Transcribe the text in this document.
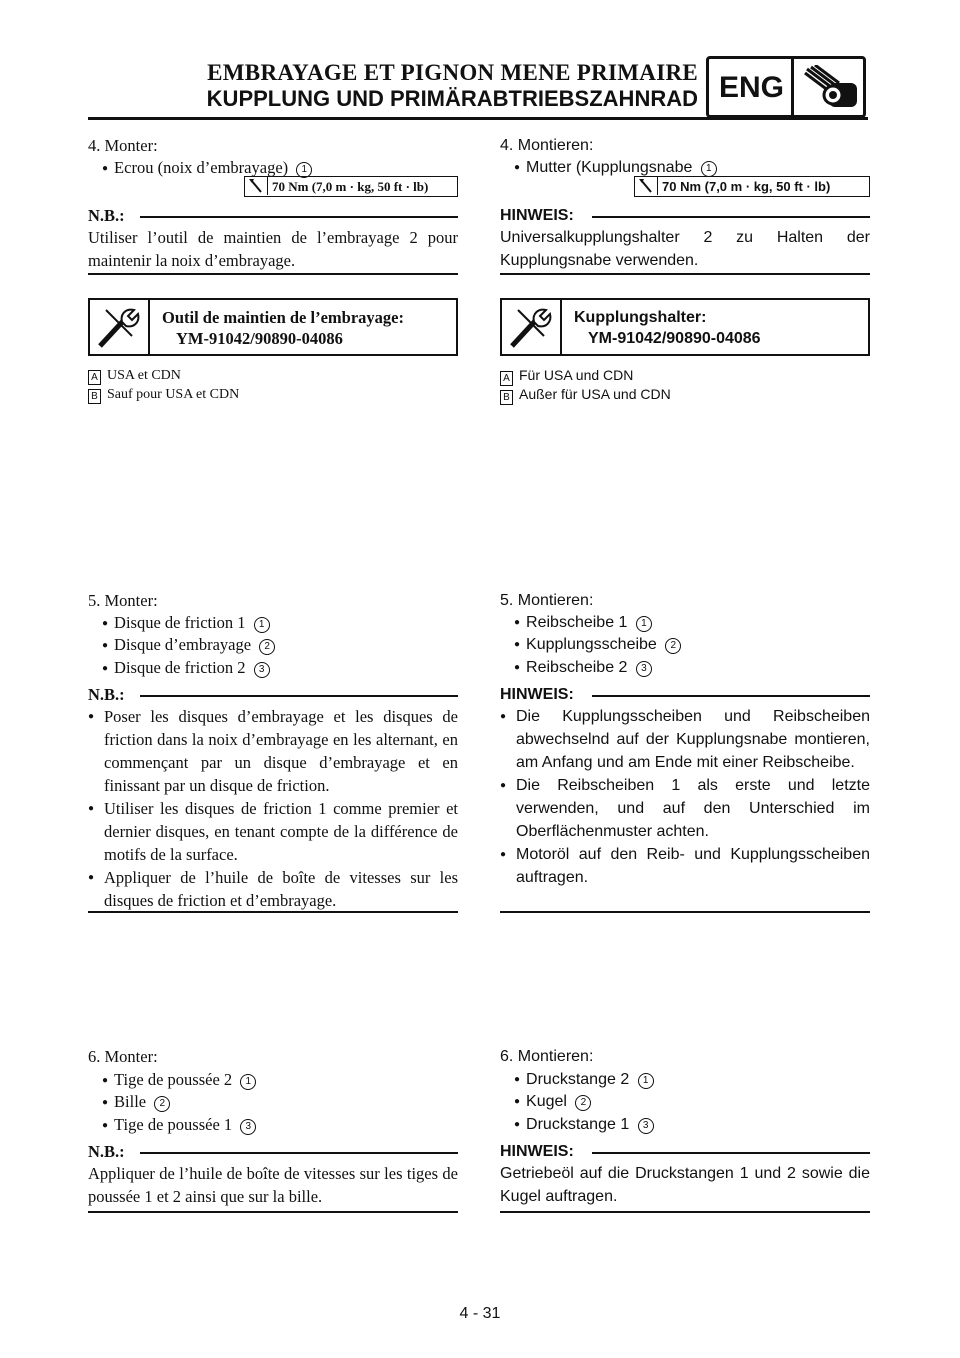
EMBRAYAGE ET PIGNON MENE PRIMAIRE
KUPPLUNG UND PRIMÄRABTRIEBSZAHNRAD ENG
4. Monter:
● Ecrou (noix d’embrayage) 1
70 Nm (7,0 m · kg, 50 ft · lb)
N.B.:
Utiliser l’outil de maintien de l’embrayage 2 pour maintenir la noix d’embrayage.
Outil de maintien de l’embrayage:
YM-91042/90890-04086
A USA et CDN
B Sauf pour USA et CDN
5. Monter:
● Disque de friction 1 1
● Disque d’embrayage 2
● Disque de friction 2 3
N.B.:
● Poser les disques d’embrayage et les disques de friction dans la noix d’embrayage en les alternant, en commençant par un disque d’embrayage et en finissant par un disque de friction.
● Utiliser les disques de friction 1 comme premier et dernier disques, en tenant compte de la différence de motifs de la surface.
● Appliquer de l’huile de boîte de vitesses sur les disques de friction et d’embrayage.
6. Monter:
● Tige de poussée 2 1
● Bille 2
● Tige de poussée 1 3
N.B.:
Appliquer de l’huile de boîte de vitesses sur les tiges de poussée 1 et 2 ainsi que sur la bille.
4. Montieren:
● Mutter (Kupplungsnabe 1
70 Nm (7,0 m · kg, 50 ft · lb)
HINWEIS:
Universalkupplungshalter 2 zu Halten der Kupplungsnabe verwenden.
Kupplungshalter:
YM-91042/90890-04086
A Für USA und CDN
B Außer für USA und CDN
5. Montieren:
● Reibscheibe 1 1
● Kupplungsscheibe 2
● Reibscheibe 2 3
HINWEIS:
● Die Kupplungsscheiben und Reibscheiben abwechselnd auf der Kupplungsnabe montieren, am Anfang und am Ende mit einer Reibscheibe.
● Die Reibscheiben 1 als erste und letzte verwenden, und auf den Unterschied im Oberflächenmuster achten.
● Motoröl auf den Reib- und Kupplungsscheiben auftragen.
6. Montieren:
● Druckstange 2 1
● Kugel 2
● Druckstange 1 3
HINWEIS:
Getriebeöl auf die Druckstangen 1 und 2 sowie die Kugel auftragen.
4 - 31
